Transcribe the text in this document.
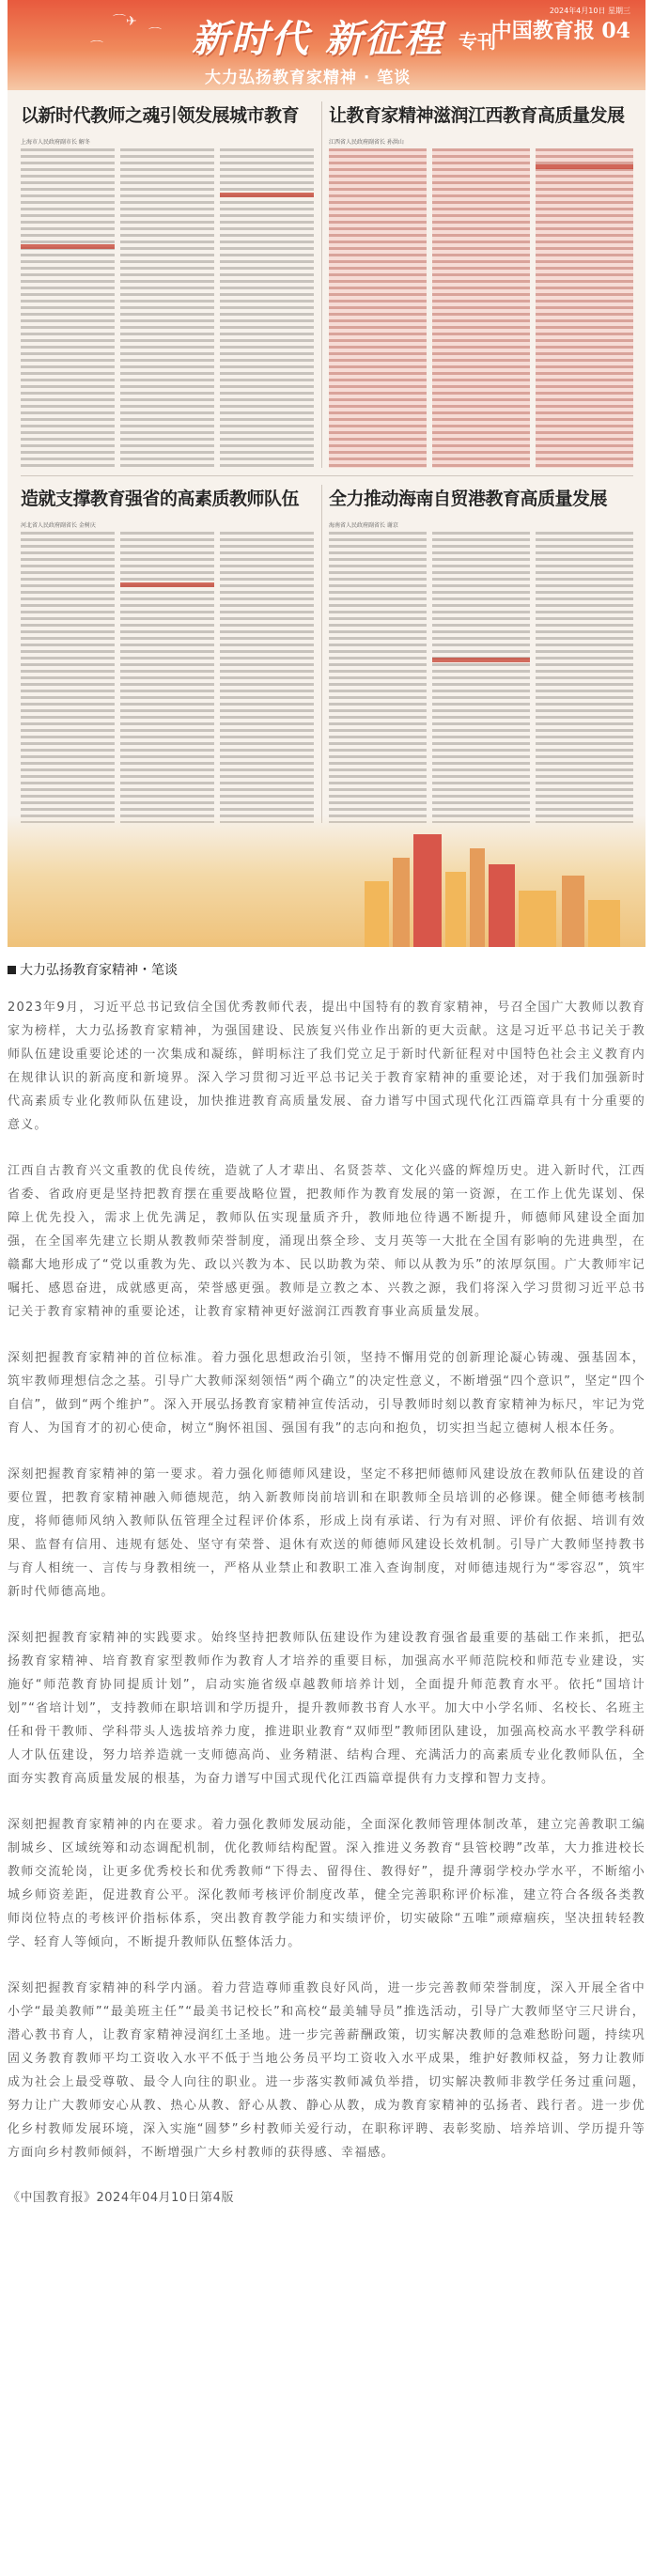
⌒✈
⌒
⌒ 新时代 新征程 专刊
大力弘扬教育家精神 · 笔谈
2024年4月10日 星期三
中国教育报 04
以新时代教师之魂引领发展城市教育
上海市人民政府副市长 解冬
让教育家精神滋润江西教育高质量发展
江西省人民政府副省长 孙洪山
造就支撑教育强省的高素质教师队伍
河北省人民政府副省长 金树庆
全力推动海南自贸港教育高质量发展
海南省人民政府副省长 谢京
大力弘扬教育家精神・笔谈

2023年9月，习近平总书记致信全国优秀教师代表，提出中国特有的教育家精神，号召全国广大教师以教育家为榜样，大力弘扬教育家精神，为强国建设、民族复兴伟业作出新的更大贡献。这是习近平总书记关于教师队伍建设重要论述的一次集成和凝练，鲜明标注了我们党立足于新时代新征程对中国特色社会主义教育内在规律认识的新高度和新境界。深入学习贯彻习近平总书记关于教育家精神的重要论述，对于我们加强新时代高素质专业化教师队伍建设，加快推进教育高质量发展、奋力谱写中国式现代化江西篇章具有十分重要的意义。

江西自古教育兴文重教的优良传统，造就了人才辈出、名贤荟萃、文化兴盛的辉煌历史。进入新时代，江西省委、省政府更是坚持把教育摆在重要战略位置，把教师作为教育发展的第一资源，在工作上优先谋划、保障上优先投入，需求上优先满足，教师队伍实现量质齐升，教师地位待遇不断提升，师德师风建设全面加强，在全国率先建立长期从教教师荣誉制度，涌现出蔡全珍、支月英等一大批在全国有影响的先进典型，在赣鄱大地形成了“党以重教为先、政以兴教为本、民以助教为荣、师以从教为乐”的浓厚氛围。广大教师牢记嘱托、感恩奋进，成就感更高，荣誉感更强。教师是立教之本、兴教之源，我们将深入学习贯彻习近平总书记关于教育家精神的重要论述，让教育家精神更好滋润江西教育事业高质量发展。

深刻把握教育家精神的首位标准。着力强化思想政治引领，坚持不懈用党的创新理论凝心铸魂、强基固本，筑牢教师理想信念之基。引导广大教师深刻领悟“两个确立”的决定性意义，不断增强“四个意识”，坚定“四个自信”，做到“两个维护”。深入开展弘扬教育家精神宣传活动，引导教师时刻以教育家精神为标尺，牢记为党育人、为国育才的初心使命，树立“胸怀祖国、强国有我”的志向和抱负，切实担当起立德树人根本任务。

深刻把握教育家精神的第一要求。着力强化师德师风建设，坚定不移把师德师风建设放在教师队伍建设的首要位置，把教育家精神融入师德规范，纳入新教师岗前培训和在职教师全员培训的必修课。健全师德考核制度，将师德师风纳入教师队伍管理全过程评价体系，形成上岗有承诺、行为有对照、评价有依据、培训有效果、监督有信用、违规有惩处、坚守有荣誉、退休有欢送的师德师风建设长效机制。引导广大教师坚持教书与育人相统一、言传与身教相统一，严格从业禁止和教职工准入查询制度，对师德违规行为“零容忍”，筑牢新时代师德高地。

深刻把握教育家精神的实践要求。始终坚持把教师队伍建设作为建设教育强省最重要的基础工作来抓，把弘扬教育家精神、培育教育家型教师作为教育人才培养的重要目标，加强高水平师范院校和师范专业建设，实施好“师范教育协同提质计划”，启动实施省级卓越教师培养计划，全面提升师范教育水平。依托“国培计划”“省培计划”，支持教师在职培训和学历提升，提升教师教书育人水平。加大中小学名师、名校长、名班主任和骨干教师、学科带头人选拔培养力度，推进职业教育“双师型”教师团队建设，加强高校高水平教学科研人才队伍建设，努力培养造就一支师德高尚、业务精湛、结构合理、充满活力的高素质专业化教师队伍，全面夯实教育高质量发展的根基，为奋力谱写中国式现代化江西篇章提供有力支撑和智力支持。

深刻把握教育家精神的内在要求。着力强化教师发展动能，全面深化教师管理体制改革，建立完善教职工编制城乡、区域统筹和动态调配机制，优化教师结构配置。深入推进义务教育“县管校聘”改革，大力推进校长教师交流轮岗，让更多优秀校长和优秀教师“下得去、留得住、教得好”，提升薄弱学校办学水平，不断缩小城乡师资差距，促进教育公平。深化教师考核评价制度改革，健全完善职称评价标准，建立符合各级各类教师岗位特点的考核评价指标体系，突出教育教学能力和实绩评价，切实破除“五唯”顽瘴痼疾，坚决扭转轻教学、轻育人等倾向，不断提升教师队伍整体活力。

深刻把握教育家精神的科学内涵。着力营造尊师重教良好风尚，进一步完善教师荣誉制度，深入开展全省中小学“最美教师”“最美班主任”“最美书记校长”和高校“最美辅导员”推选活动，引导广大教师坚守三尺讲台，潜心教书育人，让教育家精神浸润红土圣地。进一步完善薪酬政策，切实解决教师的急难愁盼问题，持续巩固义务教育教师平均工资收入水平不低于当地公务员平均工资收入水平成果，维护好教师权益，努力让教师成为社会上最受尊敬、最令人向往的职业。进一步落实教师减负举措，切实解决教师非教学任务过重问题，努力让广大教师安心从教、热心从教、舒心从教、静心从教，成为教育家精神的弘扬者、践行者。进一步优化乡村教师发展环境，深入实施“圆梦”乡村教师关爱行动，在职称评聘、表彰奖励、培养培训、学历提升等方面向乡村教师倾斜，不断增强广大乡村教师的获得感、幸福感。

《中国教育报》2024年04月10日第4版
